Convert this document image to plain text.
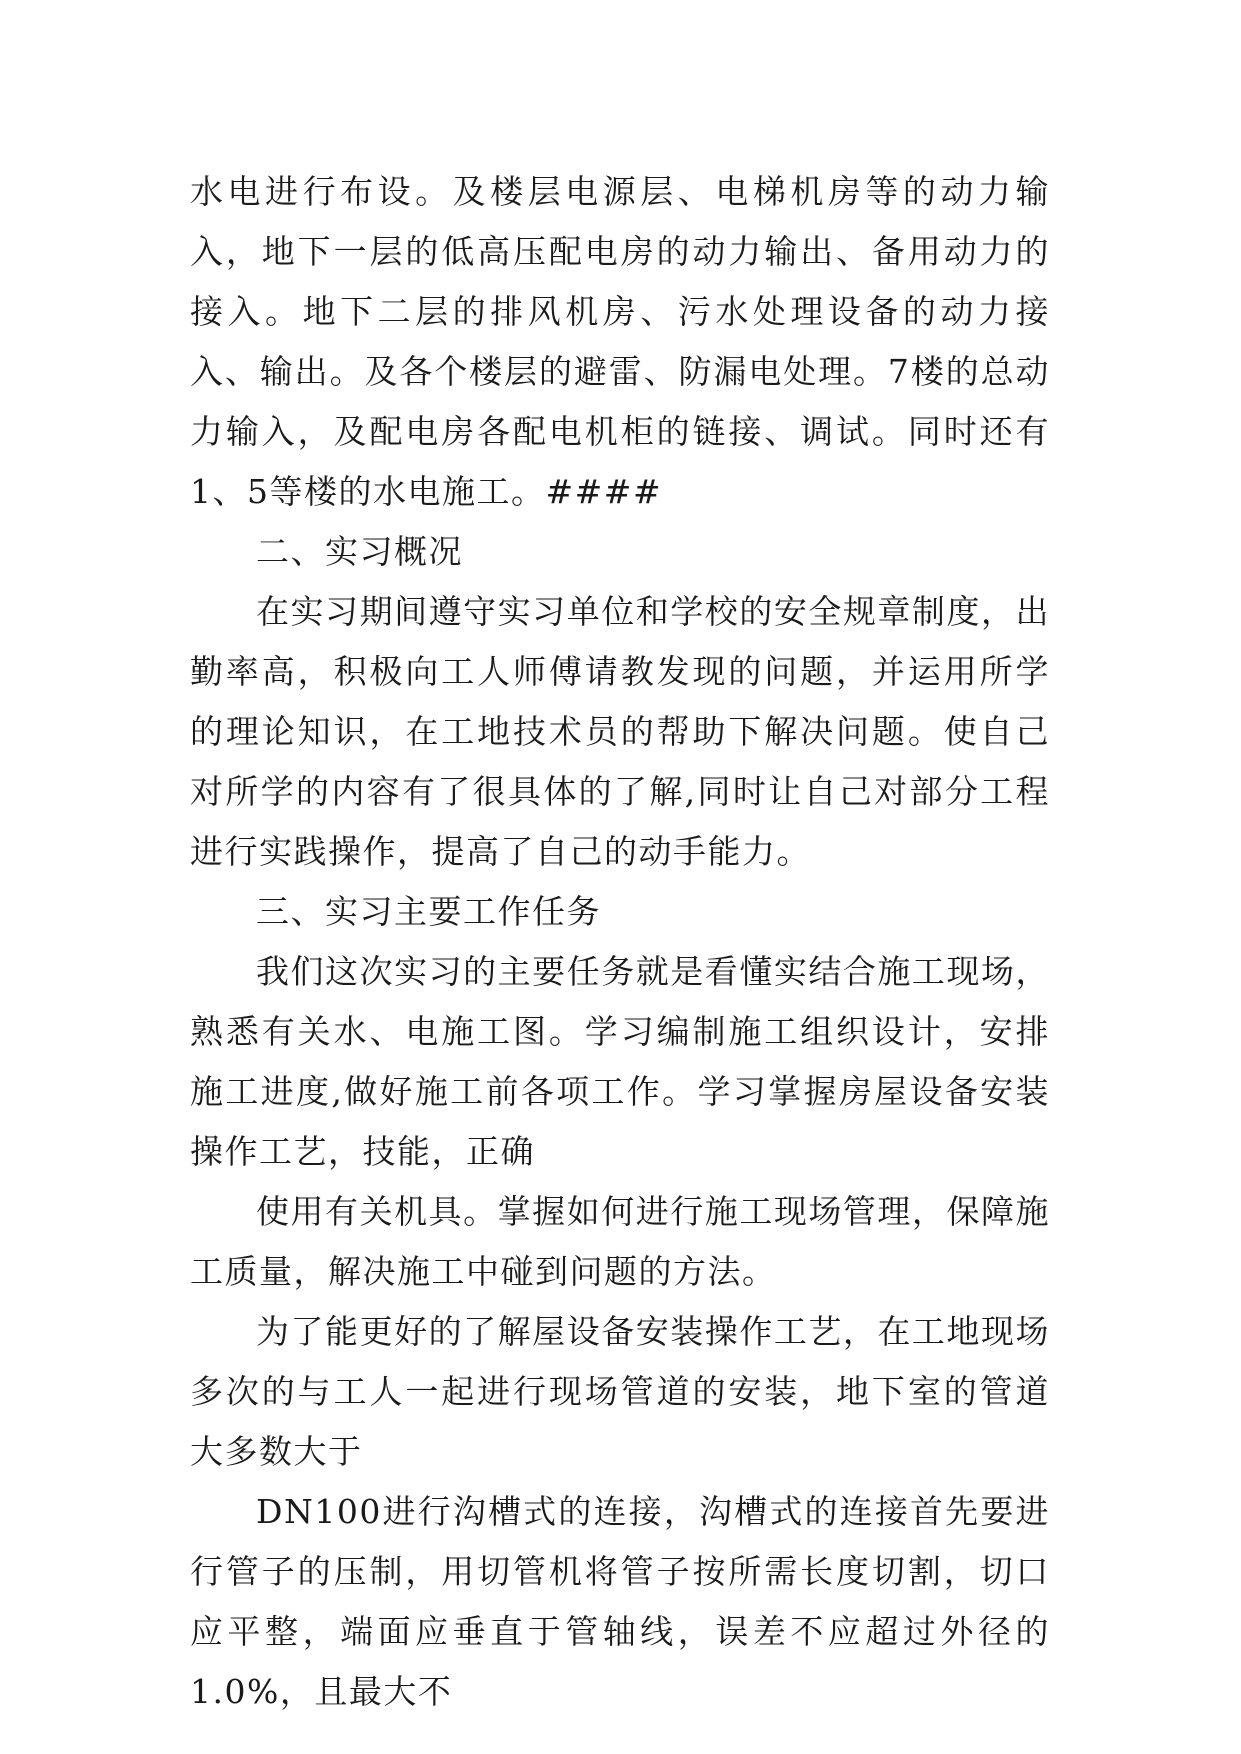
水电进行布设。及楼层电源层、电梯机房等的动力输入，地下一层的低高压配电房的动力输出、备用动力的接入。地下二层的排风机房、污水处理设备的动力接入、输出。及各个楼层的避雷、防漏电处理。7楼的总动力输入，及配电房各配电机柜的链接、调试。同时还有1、5等楼的水电施工。####

二、实习概况

在实习期间遵守实习单位和学校的安全规章制度，出勤率高，积极向工人师傅请教发现的问题，并运用所学的理论知识，在工地技术员的帮助下解决问题。使自己对所学的内容有了很具体的了解,同时让自己对部分工程进行实践操作，提高了自己的动手能力。

三、实习主要工作任务

我们这次实习的主要任务就是看懂实结合施工现场，熟悉有关水、电施工图。学习编制施工组织设计，安排施工进度,做好施工前各项工作。学习掌握房屋设备安装操作工艺，技能，正确

使用有关机具。掌握如何进行施工现场管理，保障施工质量，解决施工中碰到问题的方法。

为了能更好的了解屋设备安装操作工艺，在工地现场多次的与工人一起进行现场管道的安装，地下室的管道大多数大于

DN100进行沟槽式的连接，沟槽式的连接首先要进行管子的压制，用切管机将管子按所需长度切割，切口应平整，端面应垂直于管轴线，误差不应超过外径的1.0%，且最大不
